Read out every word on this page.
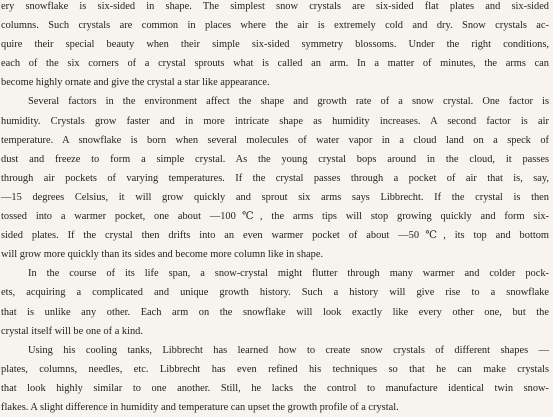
ery snowflake is six-sided in shape. The simplest snow crystals are six-sided flat plates and six-sided
columns. Such crystals are common in places where the air is extremely cold and dry. Snow crystals ac-
quire their special beauty when their simple six-sided symmetry blossoms. Under the right conditions,
each of the six corners of a crystal sprouts what is called an arm. In a matter of minutes, the arms can
become highly ornate and give the crystal a star like appearance.

Several factors in the environment affect the shape and growth rate of a snow crystal. One factor is
humidity. Crystals grow faster and in more intricate shape as humidity increases. A second factor is air
temperature. A snowflake is born when several molecules of water vapor in a cloud land on a speck of
dust and freeze to form a simple crystal. As the young crystal bops around in the cloud, it passes
through air pockets of varying temperatures. If the crystal passes through a pocket of air that is, say,
—15 degrees Celsius, it will grow quickly and sprout six arms says Libbrecht. If the crystal is then
tossed into a warmer pocket, one about —100℃, the arms tips will stop growing quickly and form six-
sided plates. If the crystal then drifts into an even warmer pocket of about —50℃, its top and bottom
will grow more quickly than its sides and become more column like in shape.

In the course of its life span, a snow-crystal might flutter through many warmer and colder pock-
ets, acquiring a complicated and unique growth history. Such a history will give rise to a snowflake
that is unlike any other. Each arm on the snowflake will look exactly like every other one, but the
crystal itself will be one of a kind.

Using his cooling tanks, Libbrecht has learned how to create snow crystals of different shapes —
plates, columns, needles, etc. Libbrecht has even refined his techniques so that he can make crystals
that look highly similar to one another. Still, he lacks the control to manufacture identical twin snow-
flakes. A slight difference in humidity and temperature can upset the growth profile of a crystal.
